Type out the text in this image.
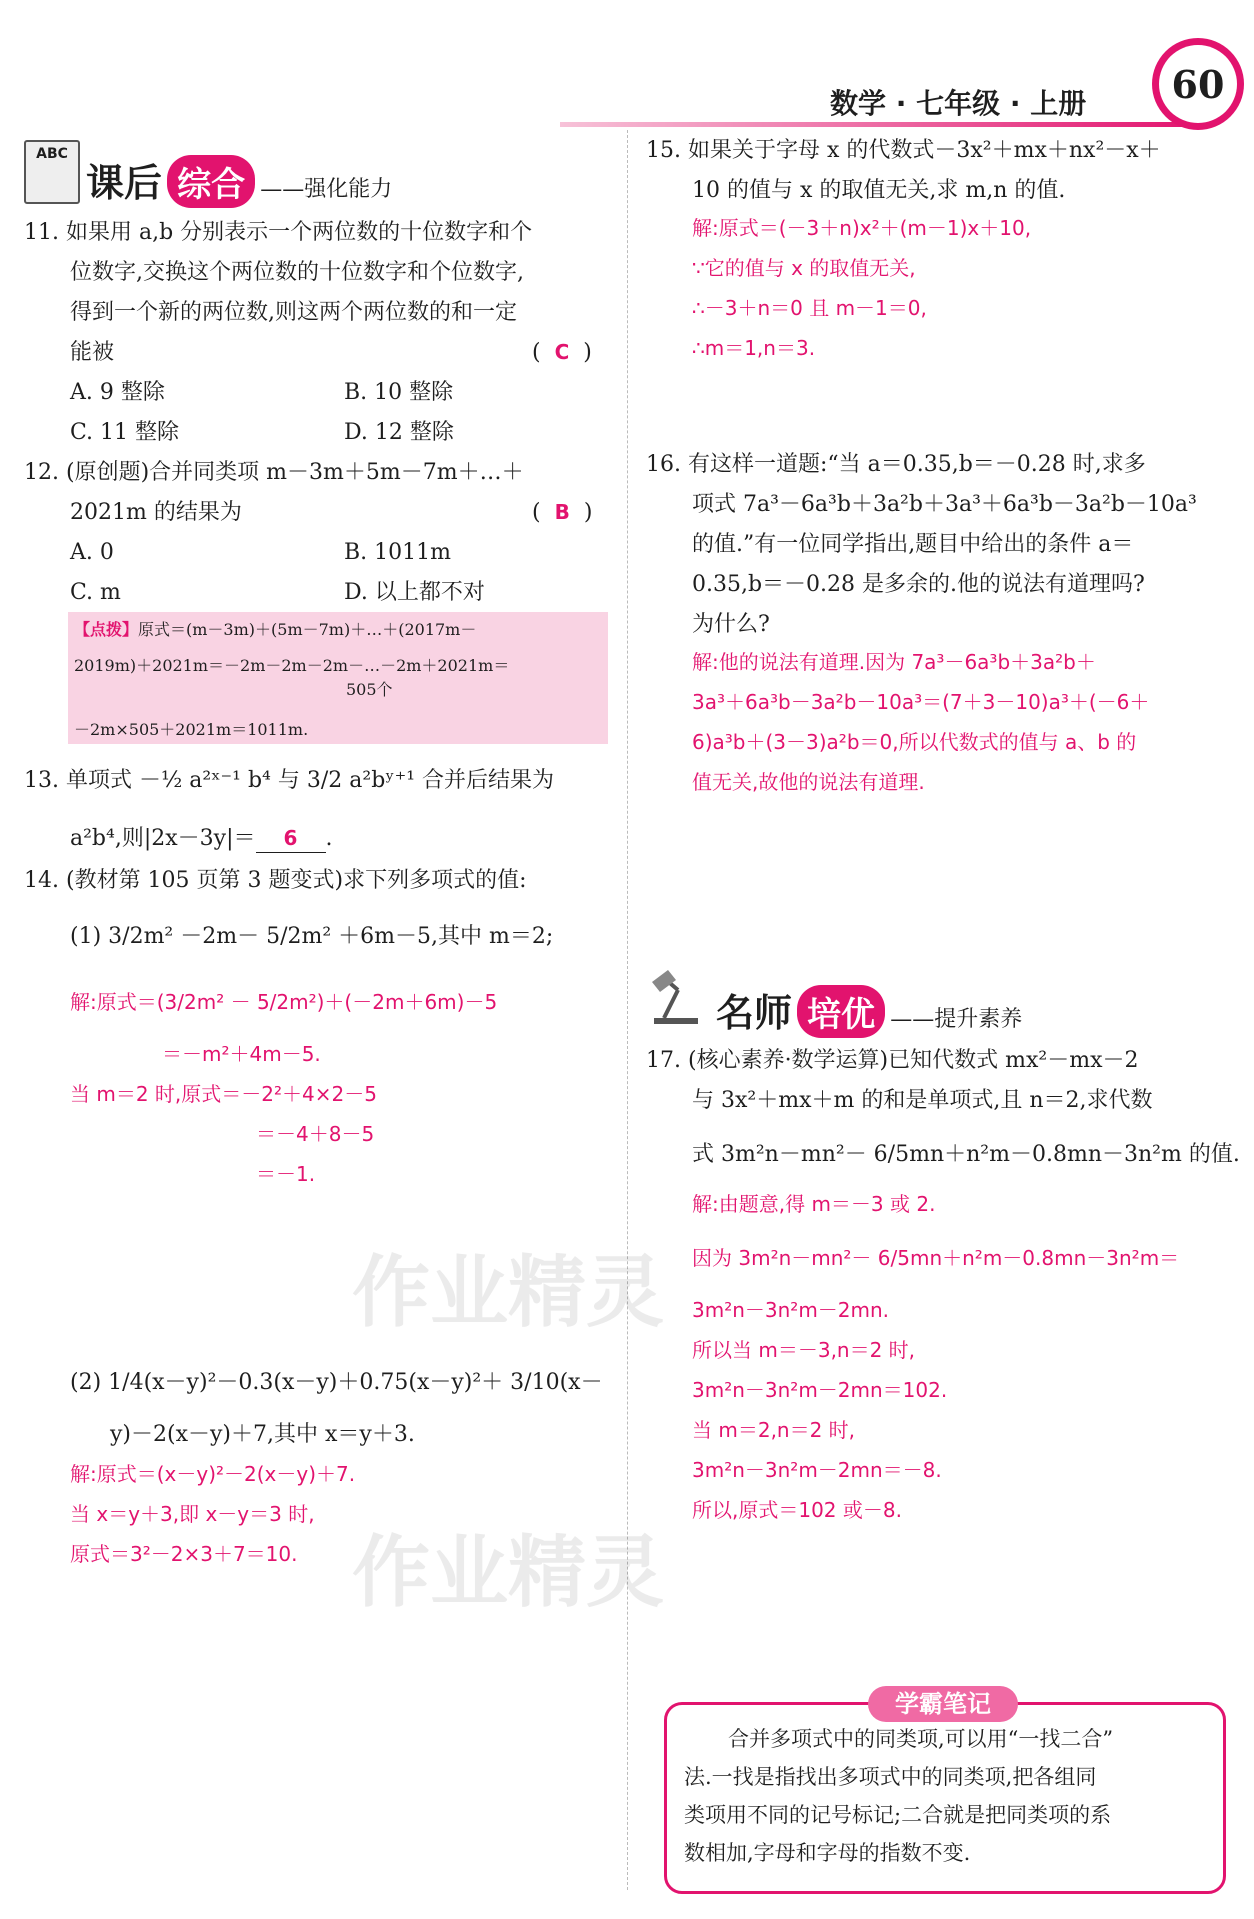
数学 · 七年级 · 上册	60
ABC
课后 综合 ——强化能力
11. 如果用 a,b 分别表示一个两位数的十位数字和个
位数字,交换这个两位数的十位数字和个位数字,
得到一个新的两位数,则这两个两位数的和一定
能被	(  C  )
A. 9 整除	B. 10 整除
C. 11 整除	D. 12 整除
12. (原创题)合并同类项 m－3m＋5m－7m＋…＋
2021m 的结果为	(  B  )
A. 0	B. 1011m
C. m	D. 以上都不对
【点拨】原式＝(m－3m)＋(5m－7m)＋…＋(2017m－
2019m)＋2021m＝－2m－2m－2m－…－2m＋2021m＝
505个
－2m×505＋2021m＝1011m.
13. 单项式 －½ a²ˣ⁻¹ b⁴ 与 3/2 a²bʸ⁺¹ 合并后结果为
a²b⁴,则|2x－3y|＝ 6 .
14. (教材第 105 页第 3 题变式)求下列多项式的值:
(1) 3/2m² －2m－ 5/2m² ＋6m－5,其中 m＝2;
解:原式＝(3/2m² － 5/2m²)＋(－2m＋6m)－5
＝－m²＋4m－5.
当 m＝2 时,原式＝－2²＋4×2－5
＝－4＋8－5
＝－1.
作业精灵
(2) 1/4(x－y)²－0.3(x－y)＋0.75(x－y)²＋ 3/10(x－
y)－2(x－y)＋7,其中 x＝y＋3.
解:原式＝(x－y)²－2(x－y)＋7.
当 x＝y＋3,即 x－y＝3 时,
原式＝3²－2×3＋7＝10. 作业精灵
15. 如果关于字母 x 的代数式－3x²＋mx＋nx²－x＋
10 的值与 x 的取值无关,求 m,n 的值.
解:原式＝(－3＋n)x²＋(m－1)x＋10,
∵它的值与 x 的取值无关,
∴－3＋n＝0 且 m－1＝0,
∴m＝1,n＝3.
16. 有这样一道题:“当 a＝0.35,b＝－0.28 时,求多
项式 7a³－6a³b＋3a²b＋3a³＋6a³b－3a²b－10a³
的值.”有一位同学指出,题目中给出的条件 a＝
0.35,b＝－0.28 是多余的.他的说法有道理吗?
为什么?
解:他的说法有道理.因为 7a³－6a³b＋3a²b＋
3a³＋6a³b－3a²b－10a³＝(7＋3－10)a³＋(－6＋
6)a³b＋(3－3)a²b＝0,所以代数式的值与 a、b 的
值无关,故他的说法有道理.
名师 培优 ——提升素养
17. (核心素养·数学运算)已知代数式 mx²－mx－2
与 3x²＋mx＋m 的和是单项式,且 n＝2,求代数
式 3m²n－mn²－ 6/5mn＋n²m－0.8mn－3n²m 的值.
解:由题意,得 m＝－3 或 2.
因为 3m²n－mn²－ 6/5mn＋n²m－0.8mn－3n²m＝
3m²n－3n²m－2mn.
所以当 m＝－3,n＝2 时,
3m²n－3n²m－2mn＝102.
当 m＝2,n＝2 时,
3m²n－3n²m－2mn＝－8.
所以,原式＝102 或－8.
学霸笔记
合并多项式中的同类项,可以用“一找二合”
法.一找是指找出多项式中的同类项,把各组同
类项用不同的记号标记;二合就是把同类项的系
数相加,字母和字母的指数不变.
